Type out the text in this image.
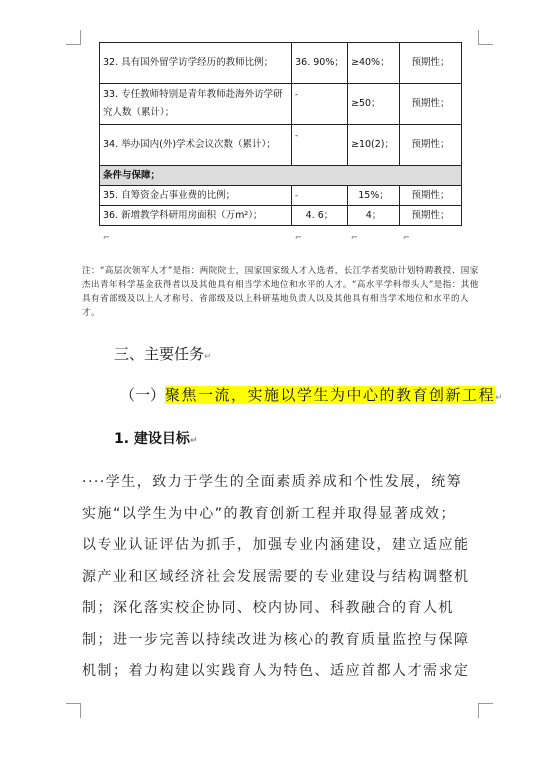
32. 具有国外留学访学经历的教师比例；	36. 90%；	≥40%；	预期性；
33. 专任教师特别是青年教师赴海外访学研究人数（累计）；	-	≥50；	预期性；
34. 举办国内(外)学术会议次数（累计）；	-	≥10(2)；	预期性；
条件与保障；			
35. 自筹资金占事业费的比例；	-	15%；	预期性；
36. 新增教学科研用房面积（万m²）；	4. 6；	4；	预期性；
⌐	⌐	⌐	⌐
注：“高层次领军人才”是指：两院院士，国家国家级人才入选者，长江学者奖励计划特聘教授、国家杰出青年科学基金获得者以及其他具有相当学术地位和水平的人才。“高水平学科带头人”是指：其他具有省部级及以上人才称号、省部级及以上科研基地负责人以及其他具有相当学术地位和水平的人才。
三、主要任务↵
（一）聚焦一流，实施以学生为中心的教育创新工程↵
1. 建设目标↵
····学生，致力于学生的全面素质养成和个性发展，统筹
实施“以学生为中心”的教育创新工程并取得显著成效；
以专业认证评估为抓手，加强专业内涵建设，建立适应能
源产业和区域经济社会发展需要的专业建设与结构调整机
制；深化落实校企协同、校内协同、科教融合的育人机
制；进一步完善以持续改进为核心的教育质量监控与保障
机制；着力构建以实践育人为特色、适应首都人才需求定
